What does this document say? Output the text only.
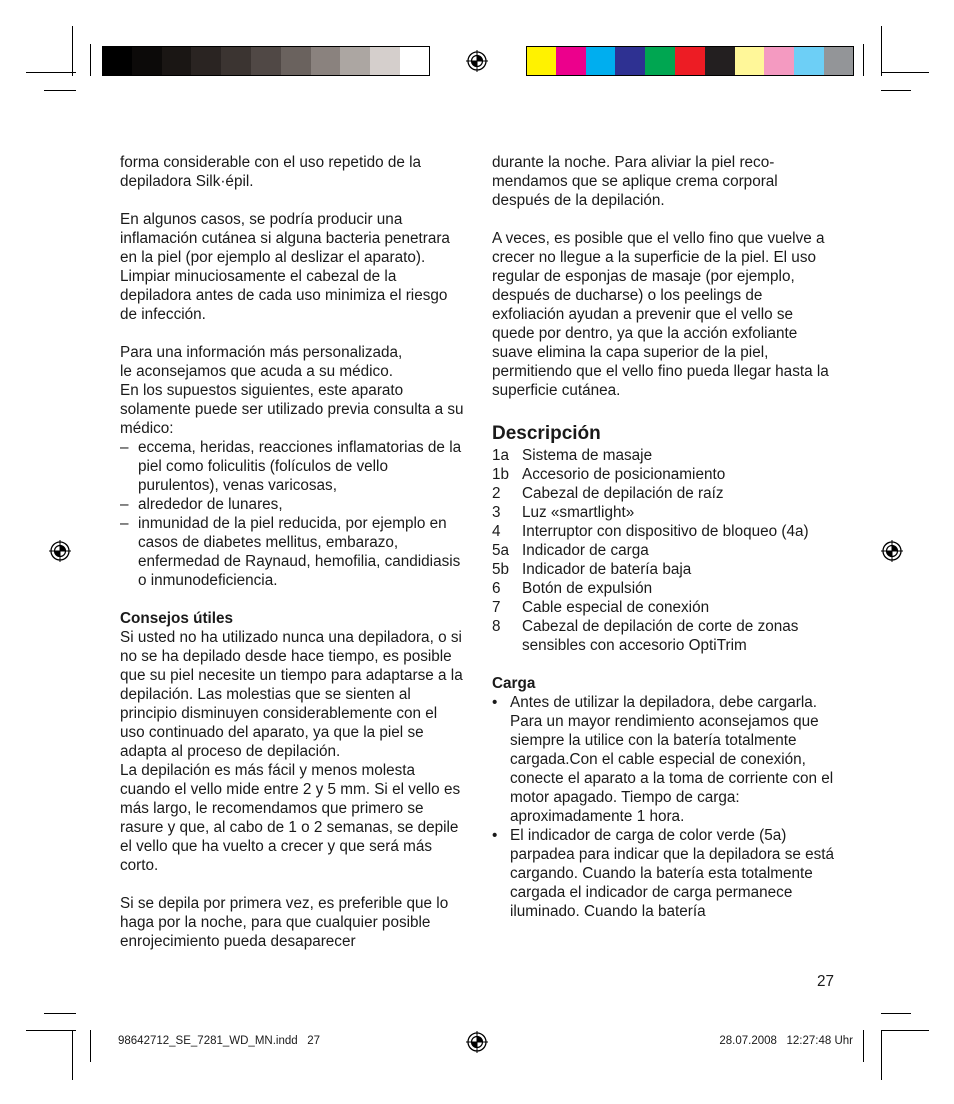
forma considerable con el uso repetido de la depiladora Silk·épil.

En algunos casos, se podría producir una inflamación cutánea si alguna bacteria penetrara en la piel (por ejemplo al deslizar el aparato). Limpiar minuciosamente el cabezal de la depiladora antes de cada uso minimiza el riesgo de infección.

Para una información más personalizada,

le aconsejamos que acuda a su médico.

En los supuestos siguientes, este aparato solamente puede ser utilizado previa consulta a su médico:

– eccema, heridas, reacciones inflamatorias de la piel como foliculitis (folículos de vello purulentos), venas varicosas,
– alrededor de lunares,
– inmunidad de la piel reducida, por ejemplo en casos de diabetes mellitus, embarazo, enfermedad de Raynaud, hemofilia, candidiasis o inmunodeficiencia.

Consejos útiles

Si usted no ha utilizado nunca una depiladora, o si no se ha depilado desde hace tiempo, es posible que su piel necesite un tiempo para adaptarse a la depilación. Las molestias que se sienten al principio disminuyen considerablemente con el uso continuado del aparato, ya que la piel se adapta al proceso de depilación.

La depilación es más fácil y menos molesta cuando el vello mide entre 2 y 5 mm. Si el vello es más largo, le recomendamos que primero se rasure y que, al cabo de 1 o 2 semanas, se depile el vello que ha vuelto a crecer y que será más corto.

Si se depila por primera vez, es preferible que lo haga por la noche, para que cualquier posible enrojecimiento pueda desaparecer

durante la noche. Para aliviar la piel reco-mendamos que se aplique crema corporal después de la depilación.

A veces, es posible que el vello fino que vuelve a crecer no llegue a la superficie de la piel. El uso regular de esponjas de masaje (por ejemplo, después de ducharse) o los peelings de exfoliación ayudan a prevenir que el vello se quede por dentro, ya que la acción exfoliante suave elimina la capa superior de la piel, permitiendo que el vello fino pueda llegar hasta la superficie cutánea.

Descripción

1a Sistema de masaje
1b Accesorio de posicionamiento
2 Cabezal de depilación de raíz
3 Luz «smartlight»
4 Interruptor con dispositivo de bloqueo (4a)
5a Indicador de carga
5b Indicador de batería baja
6 Botón de expulsión
7 Cable especial de conexión
8 Cabezal de depilación de corte de zonas sensibles con accesorio OptiTrim

Carga

• Antes de utilizar la depiladora, debe cargarla. Para un mayor rendimiento aconsejamos que siempre la utilice con la batería totalmente cargada.Con el cable especial de conexión, conecte el aparato a la toma de corriente con el motor apagado. Tiempo de carga: aproximadamente 1 hora.
• El indicador de carga de color verde (5a) parpadea para indicar que la depiladora se está cargando. Cuando la batería esta totalmente cargada el indicador de carga permanece iluminado. Cuando la batería
27
98642712_SE_7281_WD_MN.indd   27	28.07.2008   12:27:48 Uhr
